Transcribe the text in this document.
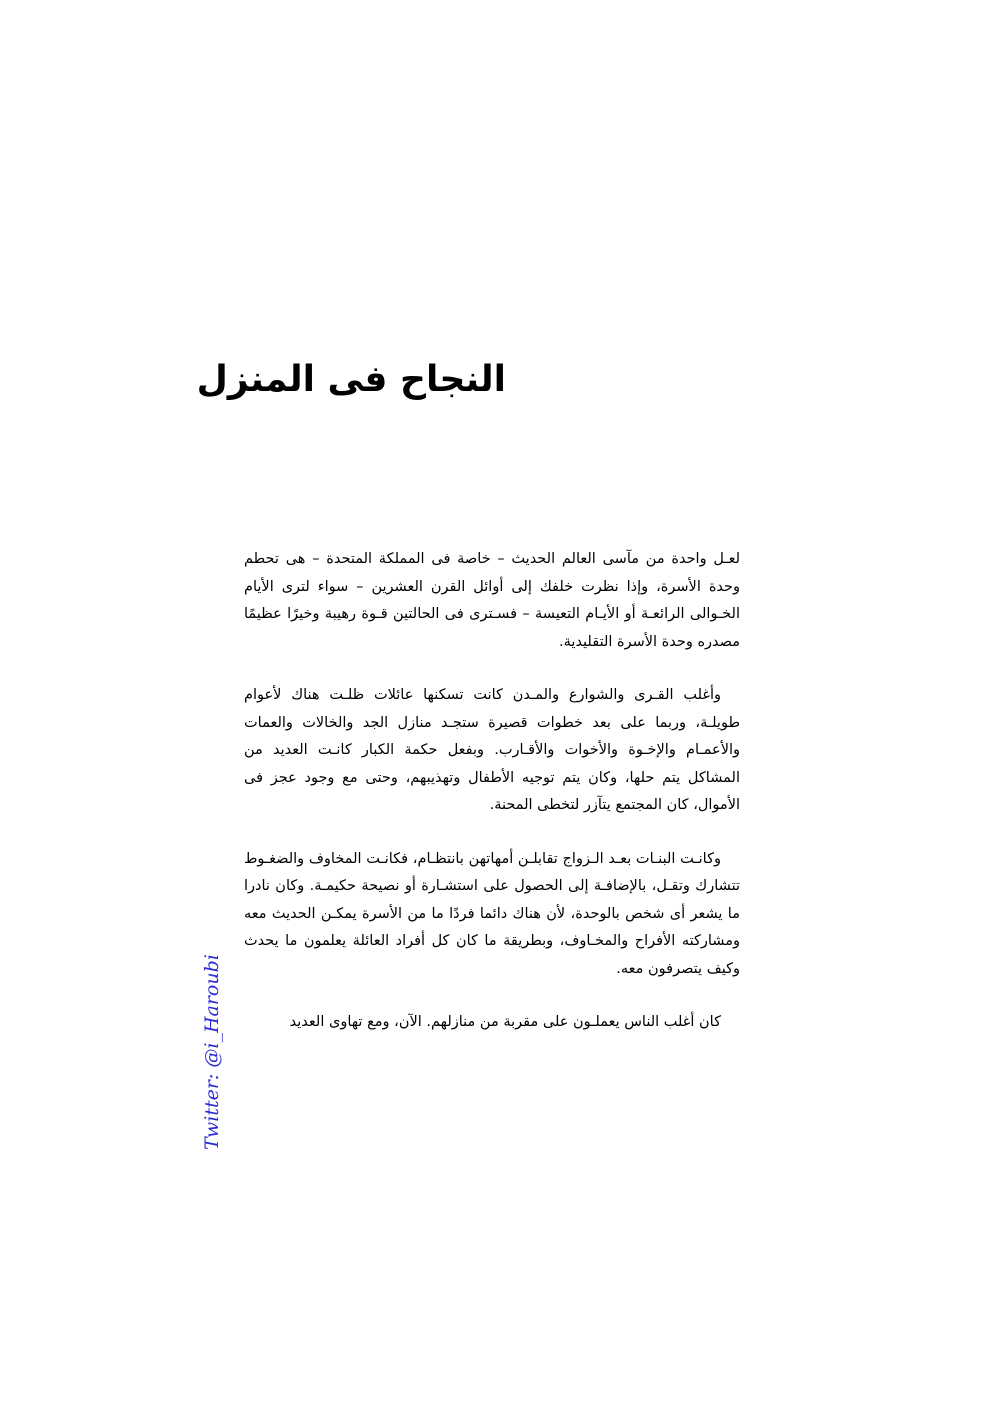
النجاح فى المنزل

لعـل واحدة من مآسى العالم الحديث – خاصة فى المملكة المتحدة – هى تحطم وحدة الأسرة، وإذا نظرت خلفك إلى أوائل القرن العشرين – سواء لترى الأيام الخـوالى الرائعـة أو الأيـام التعيسة – فسـترى فى الحالتين قـوة رهيبة وخيرًا عظيمًا مصدره وحدة الأسرة التقليدية.

وأغلب القـرى والشوارع والمـدن كانت تسكنها عائلات ظلـت هناك لأعوام طويلـة، وربما على بعد خطوات قصيرة ستجـد منازل الجد والخالات والعمات والأعمـام والإخـوة والأخوات والأقـارب. وبفعل حكمة الكبار كانـت العديد من المشاكل يتم حلها، وكان يتم توجيه الأطفال وتهذيبهم، وحتى مع وجود عجز فى الأموال، كان المجتمع يتآزر لتخطى المحنة.

وكانـت البنـات بعـد الـزواج تقابلـن أمهاتهن بانتظـام، فكانـت المخاوف والضغـوط تتشارك وتقـل، بالإضافـة إلى الحصول على استشـارة أو نصيحة حكيمـة. وكان نادرا ما يشعر أى شخص بالوحدة، لأن هناك دائما فردًا ما من الأسرة يمكـن الحديث معه ومشاركته الأفراح والمخـاوف، وبطريقة ما كان كل أفراد العائلة يعلمون ما يحدث وكيف يتصرفون معه.

كان أغلب الناس يعملـون على مقربة من منازلهم. الآن، ومع تهاوى العديد

Twitter: @i_Haroubi
